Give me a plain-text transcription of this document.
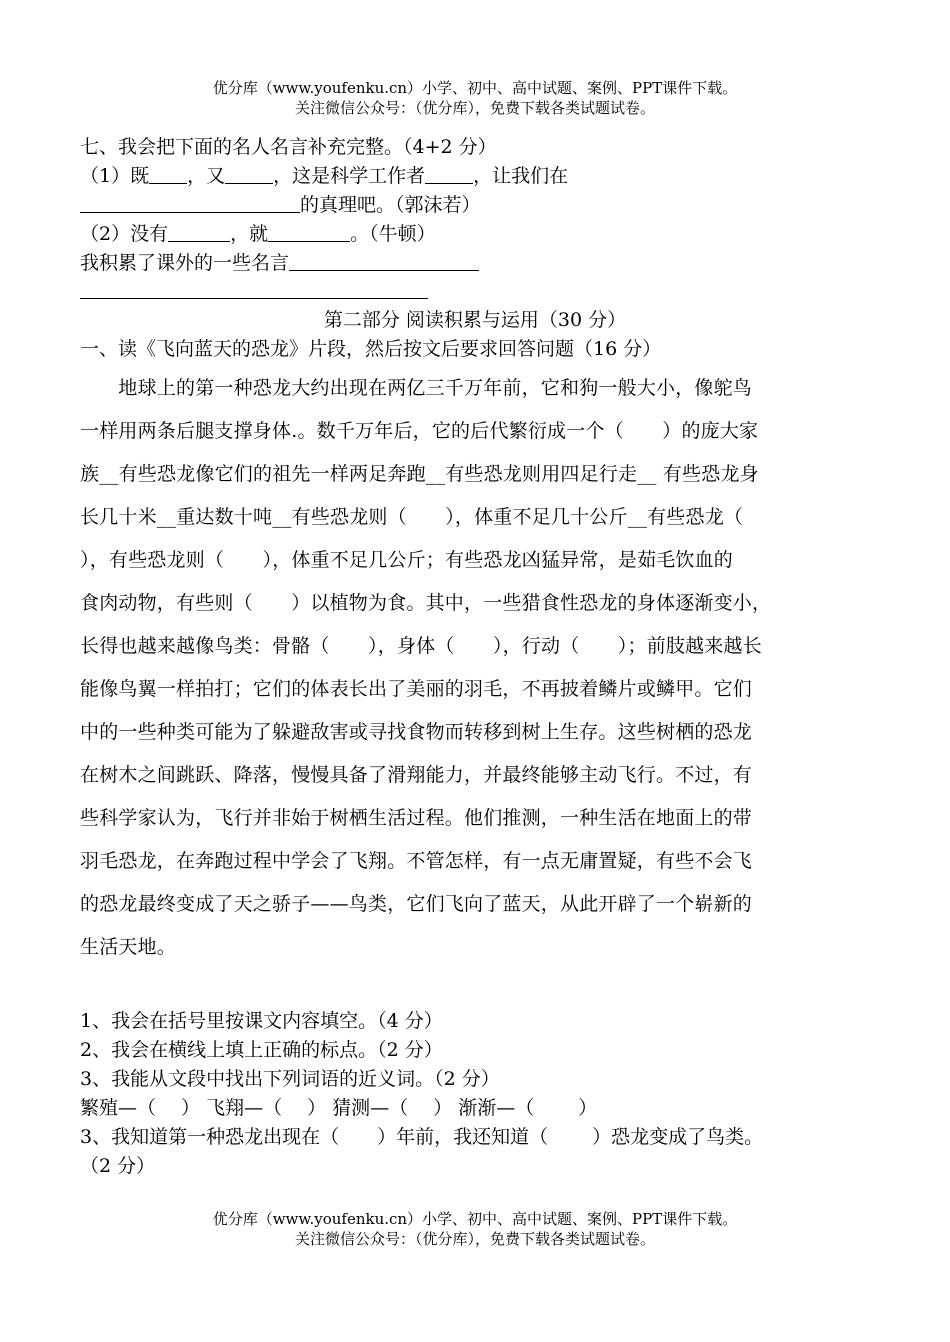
优分库（www.youfenku.cn）小学、初中、高中试题、案例、PPT课件下载。
关注微信公众号：（优分库），免费下载各类试题试卷。
七、我会把下面的名人名言补充完整。（4+2 分）
（1）既 ，又	，这是科学工作者	，让我们在
的真理吧。（郭沫若）
（2）没有	，就	。（牛顿）
我积累了课外的一些名言
第二部分 阅读积累与运用（30 分）
一、读《飞向蓝天的恐龙》片段，然后按文后要求回答问题（16 分）
　　地球上的第一种恐龙大约出现在两亿三千万年前，它和狗一般大小，像鸵鸟
一样用两条后腿支撑身体.。数千万年后，它的后代繁衍成一个（　　）的庞大家
族__有些恐龙像它们的祖先一样两足奔跑__有些恐龙则用四足行走__ 有些恐龙身
长几十米__重达数十吨__有些恐龙则（　　），体重不足几十公斤__有些恐龙（
），有些恐龙则（　　），体重不足几公斤；有些恐龙凶猛异常，是茹毛饮血的
食肉动物，有些则（　　）以植物为食。其中，一些猎食性恐龙的身体逐渐变小，
长得也越来越像鸟类：骨骼（　　），身体（　　），行动（　　）；前肢越来越长
能像鸟翼一样拍打；它们的体表长出了美丽的羽毛，不再披着鳞片或鳞甲。它们
中的一些种类可能为了躲避敌害或寻找食物而转移到树上生存。这些树栖的恐龙
在树木之间跳跃、降落，慢慢具备了滑翔能力，并最终能够主动飞行。不过，有
些科学家认为，飞行并非始于树栖生活过程。他们推测，一种生活在地面上的带
羽毛恐龙，在奔跑过程中学会了飞翔。不管怎样，有一点无庸置疑，有些不会飞
的恐龙最终变成了天之骄子——鸟类，它们飞向了蓝天，从此开辟了一个崭新的
生活天地。
1、我会在括号里按课文内容填空。（4 分）
2、我会在横线上填上正确的标点。（2 分）
3、我能从文段中找出下列词语的近义词。（2 分）
繁殖—（　 ） 飞翔—（　 ） 猜测—（　 ） 渐渐—（　 　）
3、我知道第一种恐龙出现在（　　）年前，我还知道（　　 ）恐龙变成了鸟类。
（2 分）
优分库（www.youfenku.cn）小学、初中、高中试题、案例、PPT课件下载。
关注微信公众号：（优分库），免费下载各类试题试卷。
